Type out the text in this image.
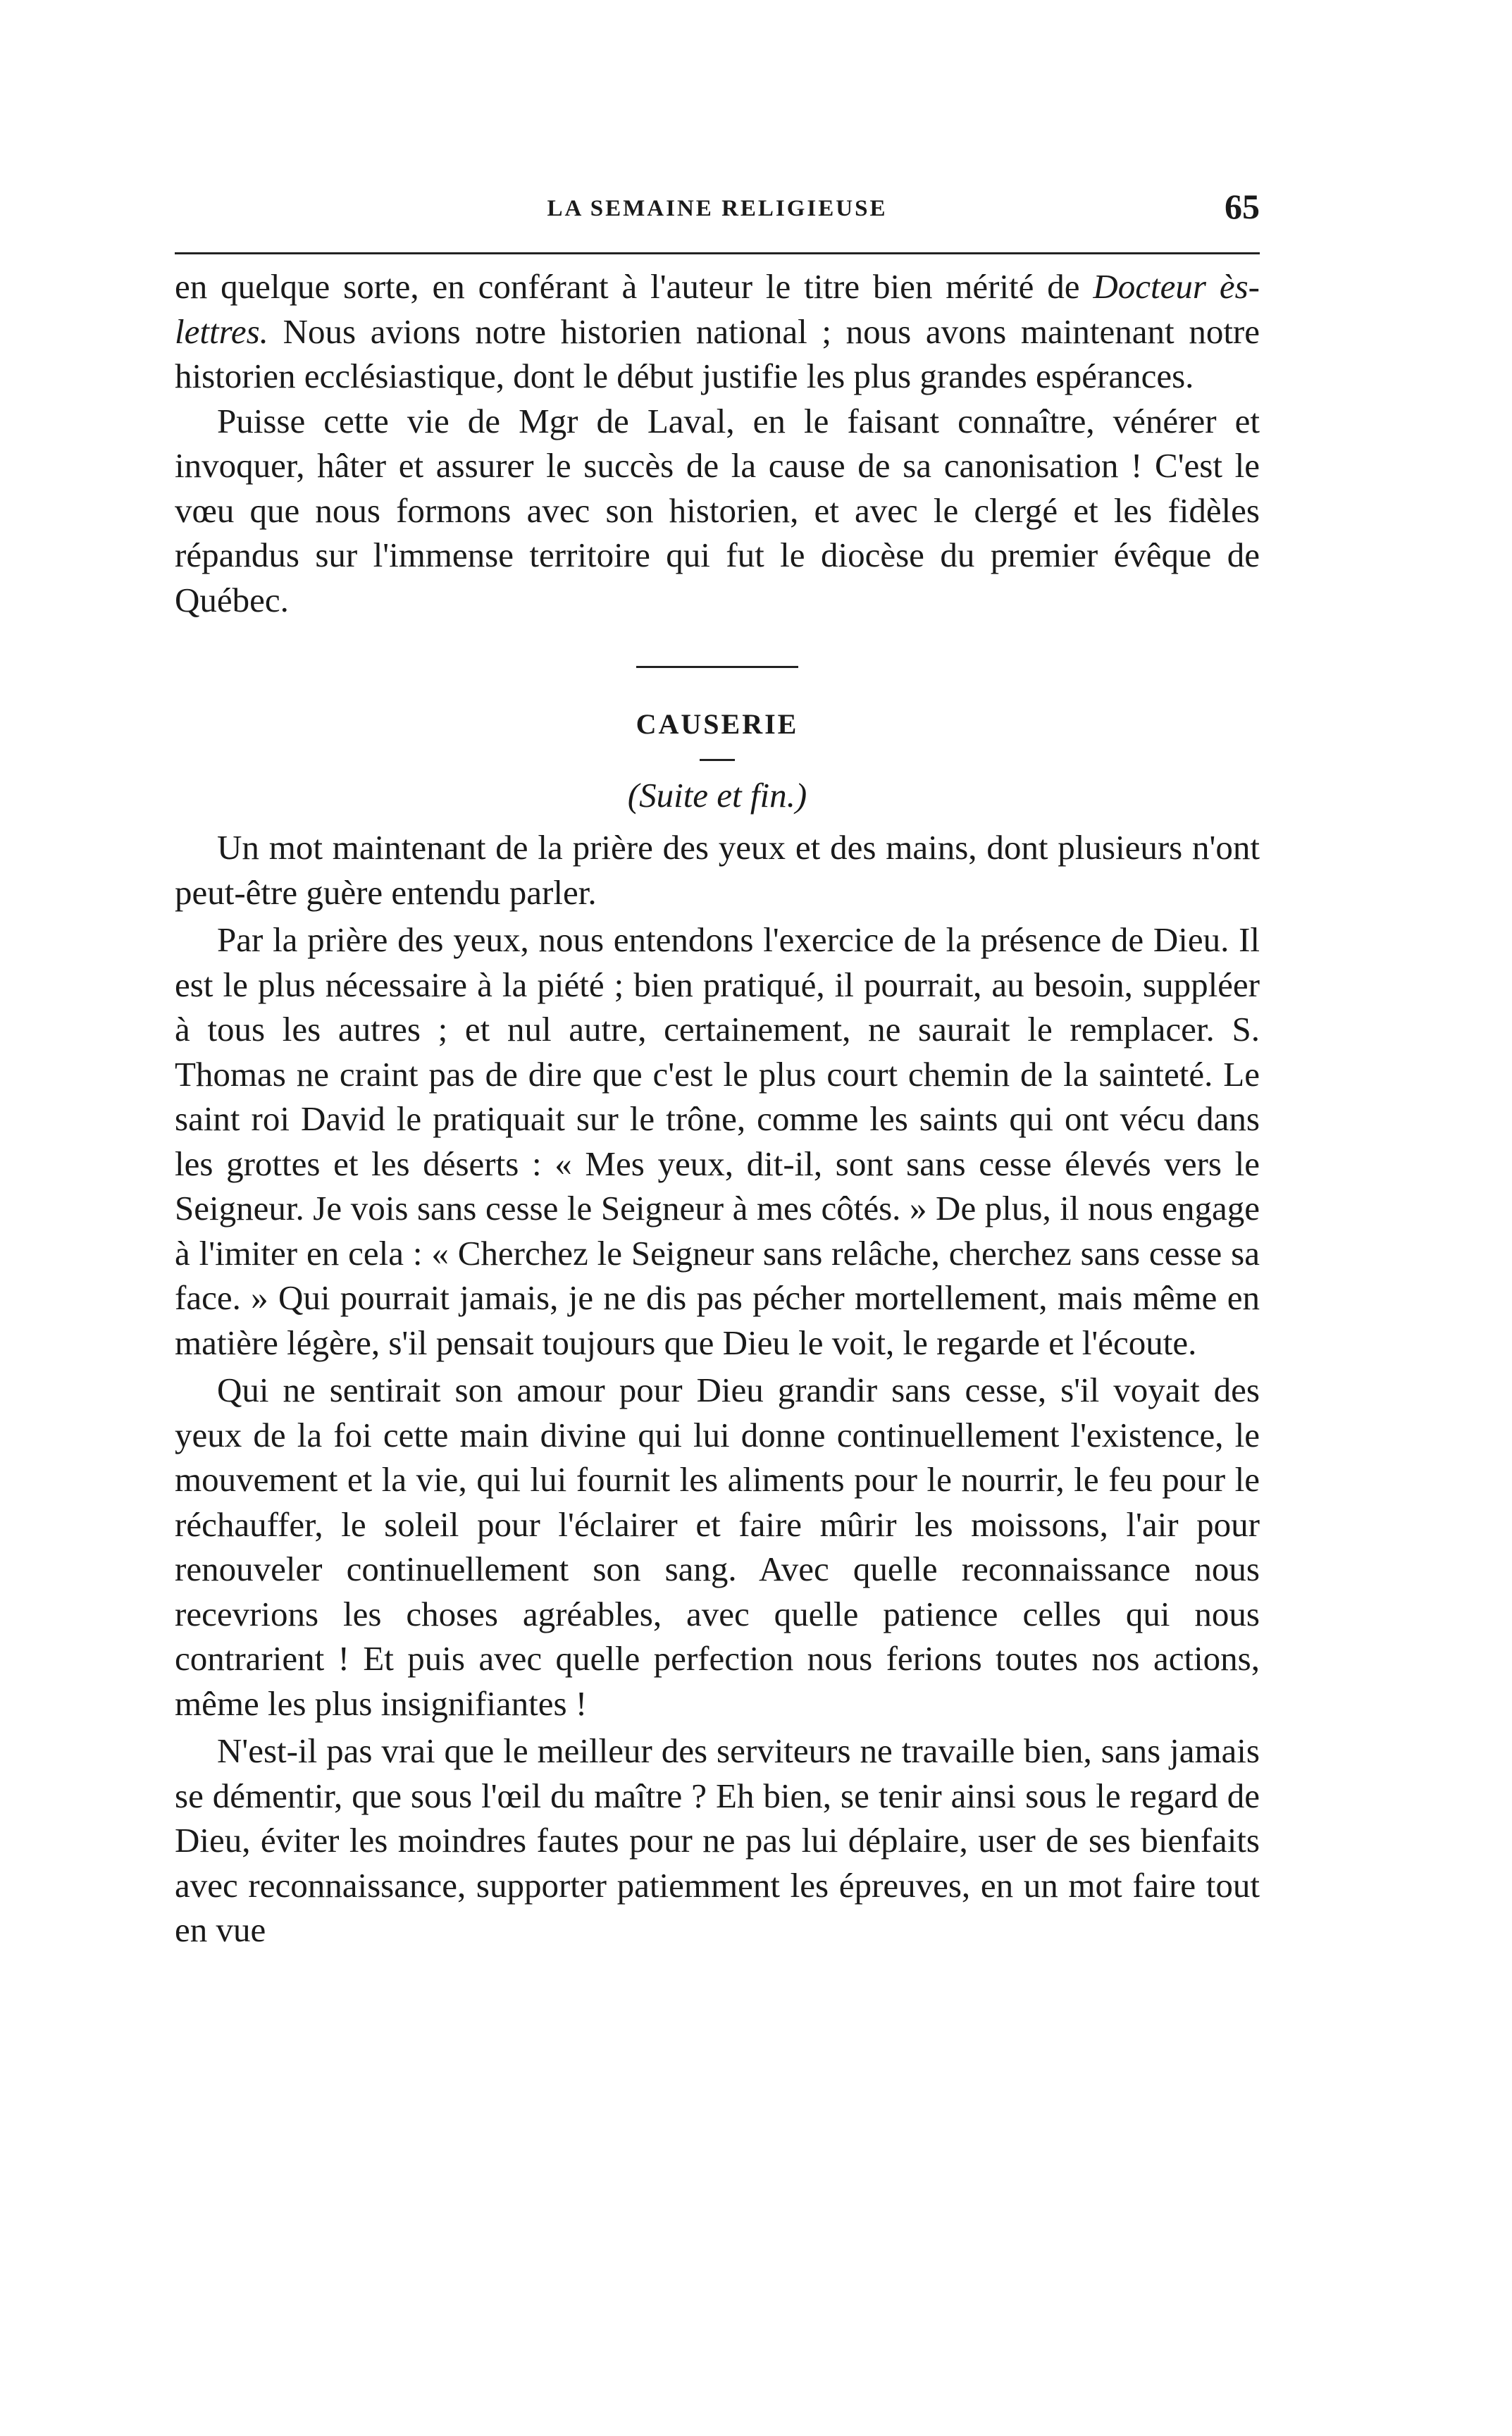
LA SEMAINE RELIGIEUSE	65

en quelque sorte, en conférant à l'auteur le titre bien mérité de Docteur ès-lettres. Nous avions notre historien national ; nous avons maintenant notre historien ecclésiastique, dont le début justifie les plus grandes espérances.

Puisse cette vie de Mgr de Laval, en le faisant connaître, vénérer et invoquer, hâter et assurer le succès de la cause de sa canonisation ! C'est le vœu que nous formons avec son historien, et avec le clergé et les fidèles répandus sur l'immense territoire qui fut le diocèse du premier évêque de Québec.

CAUSERIE
(Suite et fin.)

Un mot maintenant de la prière des yeux et des mains, dont plusieurs n'ont peut-être guère entendu parler.

Par la prière des yeux, nous entendons l'exercice de la présence de Dieu. Il est le plus nécessaire à la piété ; bien pratiqué, il pourrait, au besoin, suppléer à tous les autres ; et nul autre, certainement, ne saurait le remplacer. S. Thomas ne craint pas de dire que c'est le plus court chemin de la sainteté. Le saint roi David le pratiquait sur le trône, comme les saints qui ont vécu dans les grottes et les déserts : « Mes yeux, dit-il, sont sans cesse élevés vers le Seigneur. Je vois sans cesse le Seigneur à mes côtés. » De plus, il nous engage à l'imiter en cela : « Cherchez le Seigneur sans relâche, cherchez sans cesse sa face. » Qui pourrait jamais, je ne dis pas pécher mortellement, mais même en matière légère, s'il pensait toujours que Dieu le voit, le regarde et l'écoute.

Qui ne sentirait son amour pour Dieu grandir sans cesse, s'il voyait des yeux de la foi cette main divine qui lui donne continuellement l'existence, le mouvement et la vie, qui lui fournit les aliments pour le nourrir, le feu pour le réchauffer, le soleil pour l'éclairer et faire mûrir les moissons, l'air pour renouveler continuellement son sang. Avec quelle reconnaissance nous recevrions les choses agréables, avec quelle patience celles qui nous contrarient ! Et puis avec quelle perfection nous ferions toutes nos actions, même les plus insignifiantes !

N'est-il pas vrai que le meilleur des serviteurs ne travaille bien, sans jamais se démentir, que sous l'œil du maître ? Eh bien, se tenir ainsi sous le regard de Dieu, éviter les moindres fautes pour ne pas lui déplaire, user de ses bienfaits avec reconnaissance, supporter patiemment les épreuves, en un mot faire tout en vue
